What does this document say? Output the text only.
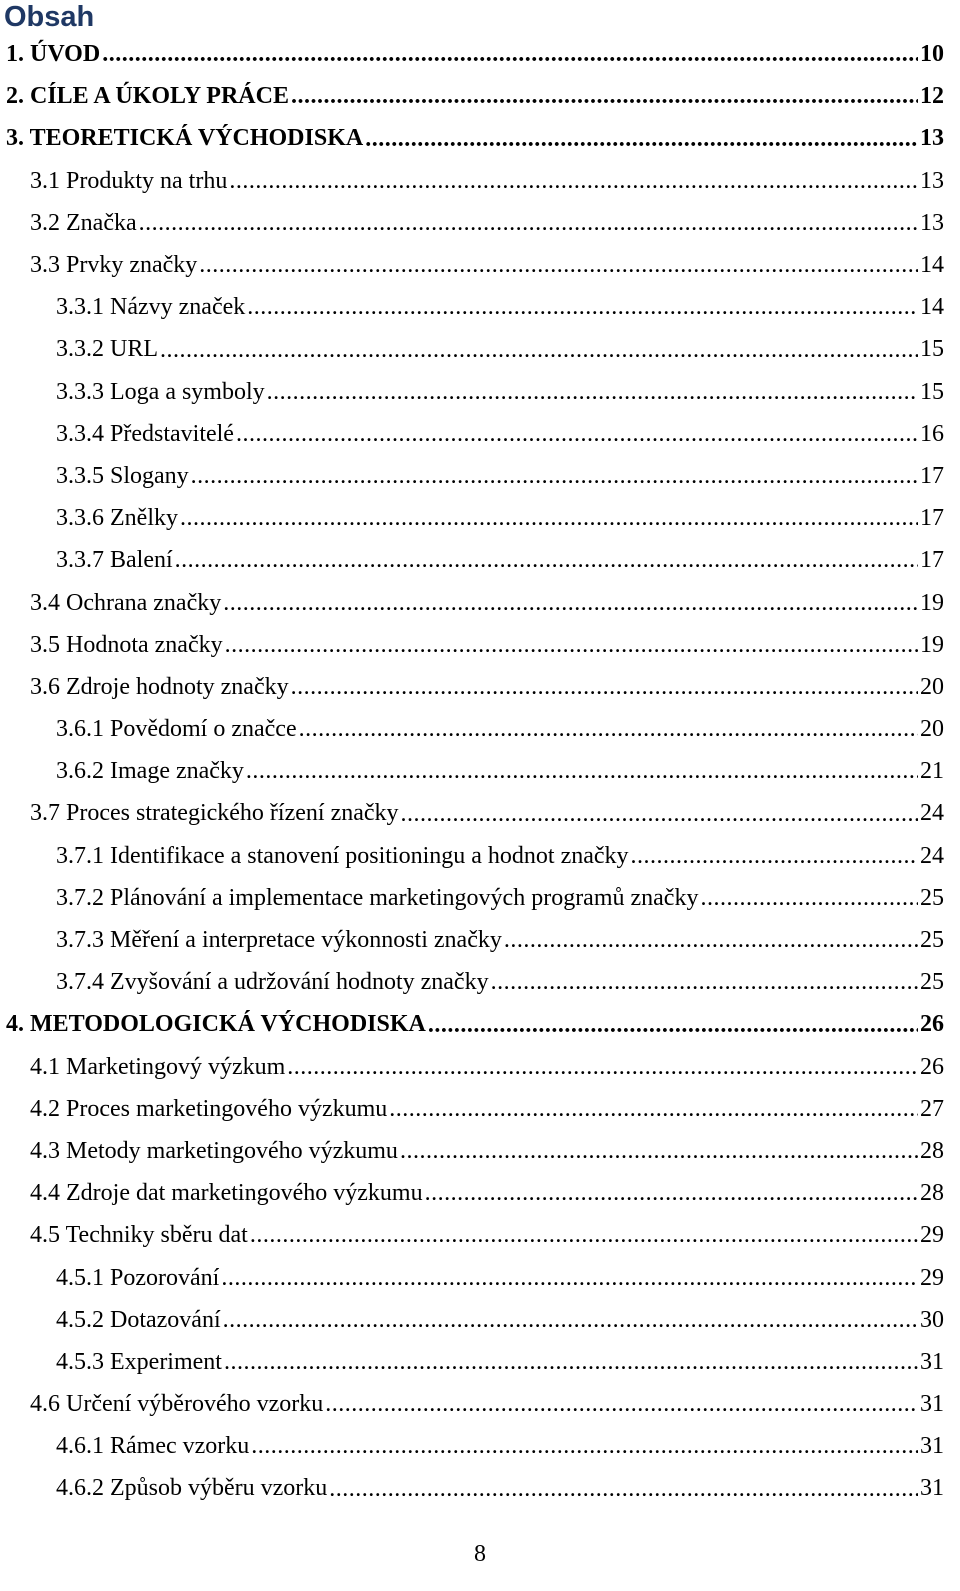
Obsah
1. ÚVOD .....	10
2. CÍLE A ÚKOLY PRÁCE .....	12
3. TEORETICKÁ VÝCHODISKA .....	13
3.1 Produkty na trhu .....	13
3.2 Značka .....	13
3.3 Prvky značky .....	14
3.3.1 Názvy značek .....	14
3.3.2 URL .....	15
3.3.3 Loga a symboly .....	15
3.3.4 Představitelé .....	16
3.3.5 Slogany .....	17
3.3.6 Znělky .....	17
3.3.7 Balení .....	17
3.4 Ochrana značky .....	19
3.5 Hodnota značky .....	19
3.6 Zdroje hodnoty značky .....	20
3.6.1 Povědomí o značce .....	20
3.6.2 Image značky .....	21
3.7 Proces strategického řízení značky .....	24
3.7.1 Identifikace a stanovení positioningu a hodnot značky .....	24
3.7.2 Plánování a implementace marketingových programů značky .....	25
3.7.3 Měření a interpretace výkonnosti značky .....	25
3.7.4 Zvyšování a udržování hodnoty značky .....	25
4. METODOLOGICKÁ VÝCHODISKA .....	26
4.1 Marketingový výzkum .....	26
4.2 Proces marketingového výzkumu .....	27
4.3 Metody marketingového výzkumu .....	28
4.4 Zdroje dat marketingového výzkumu .....	28
4.5 Techniky sběru dat .....	29
4.5.1 Pozorování .....	29
4.5.2 Dotazování .....	30
4.5.3 Experiment .....	31
4.6 Určení výběrového vzorku .....	31
4.6.1 Rámec vzorku .....	31
4.6.2 Způsob výběru vzorku .....	31
8
